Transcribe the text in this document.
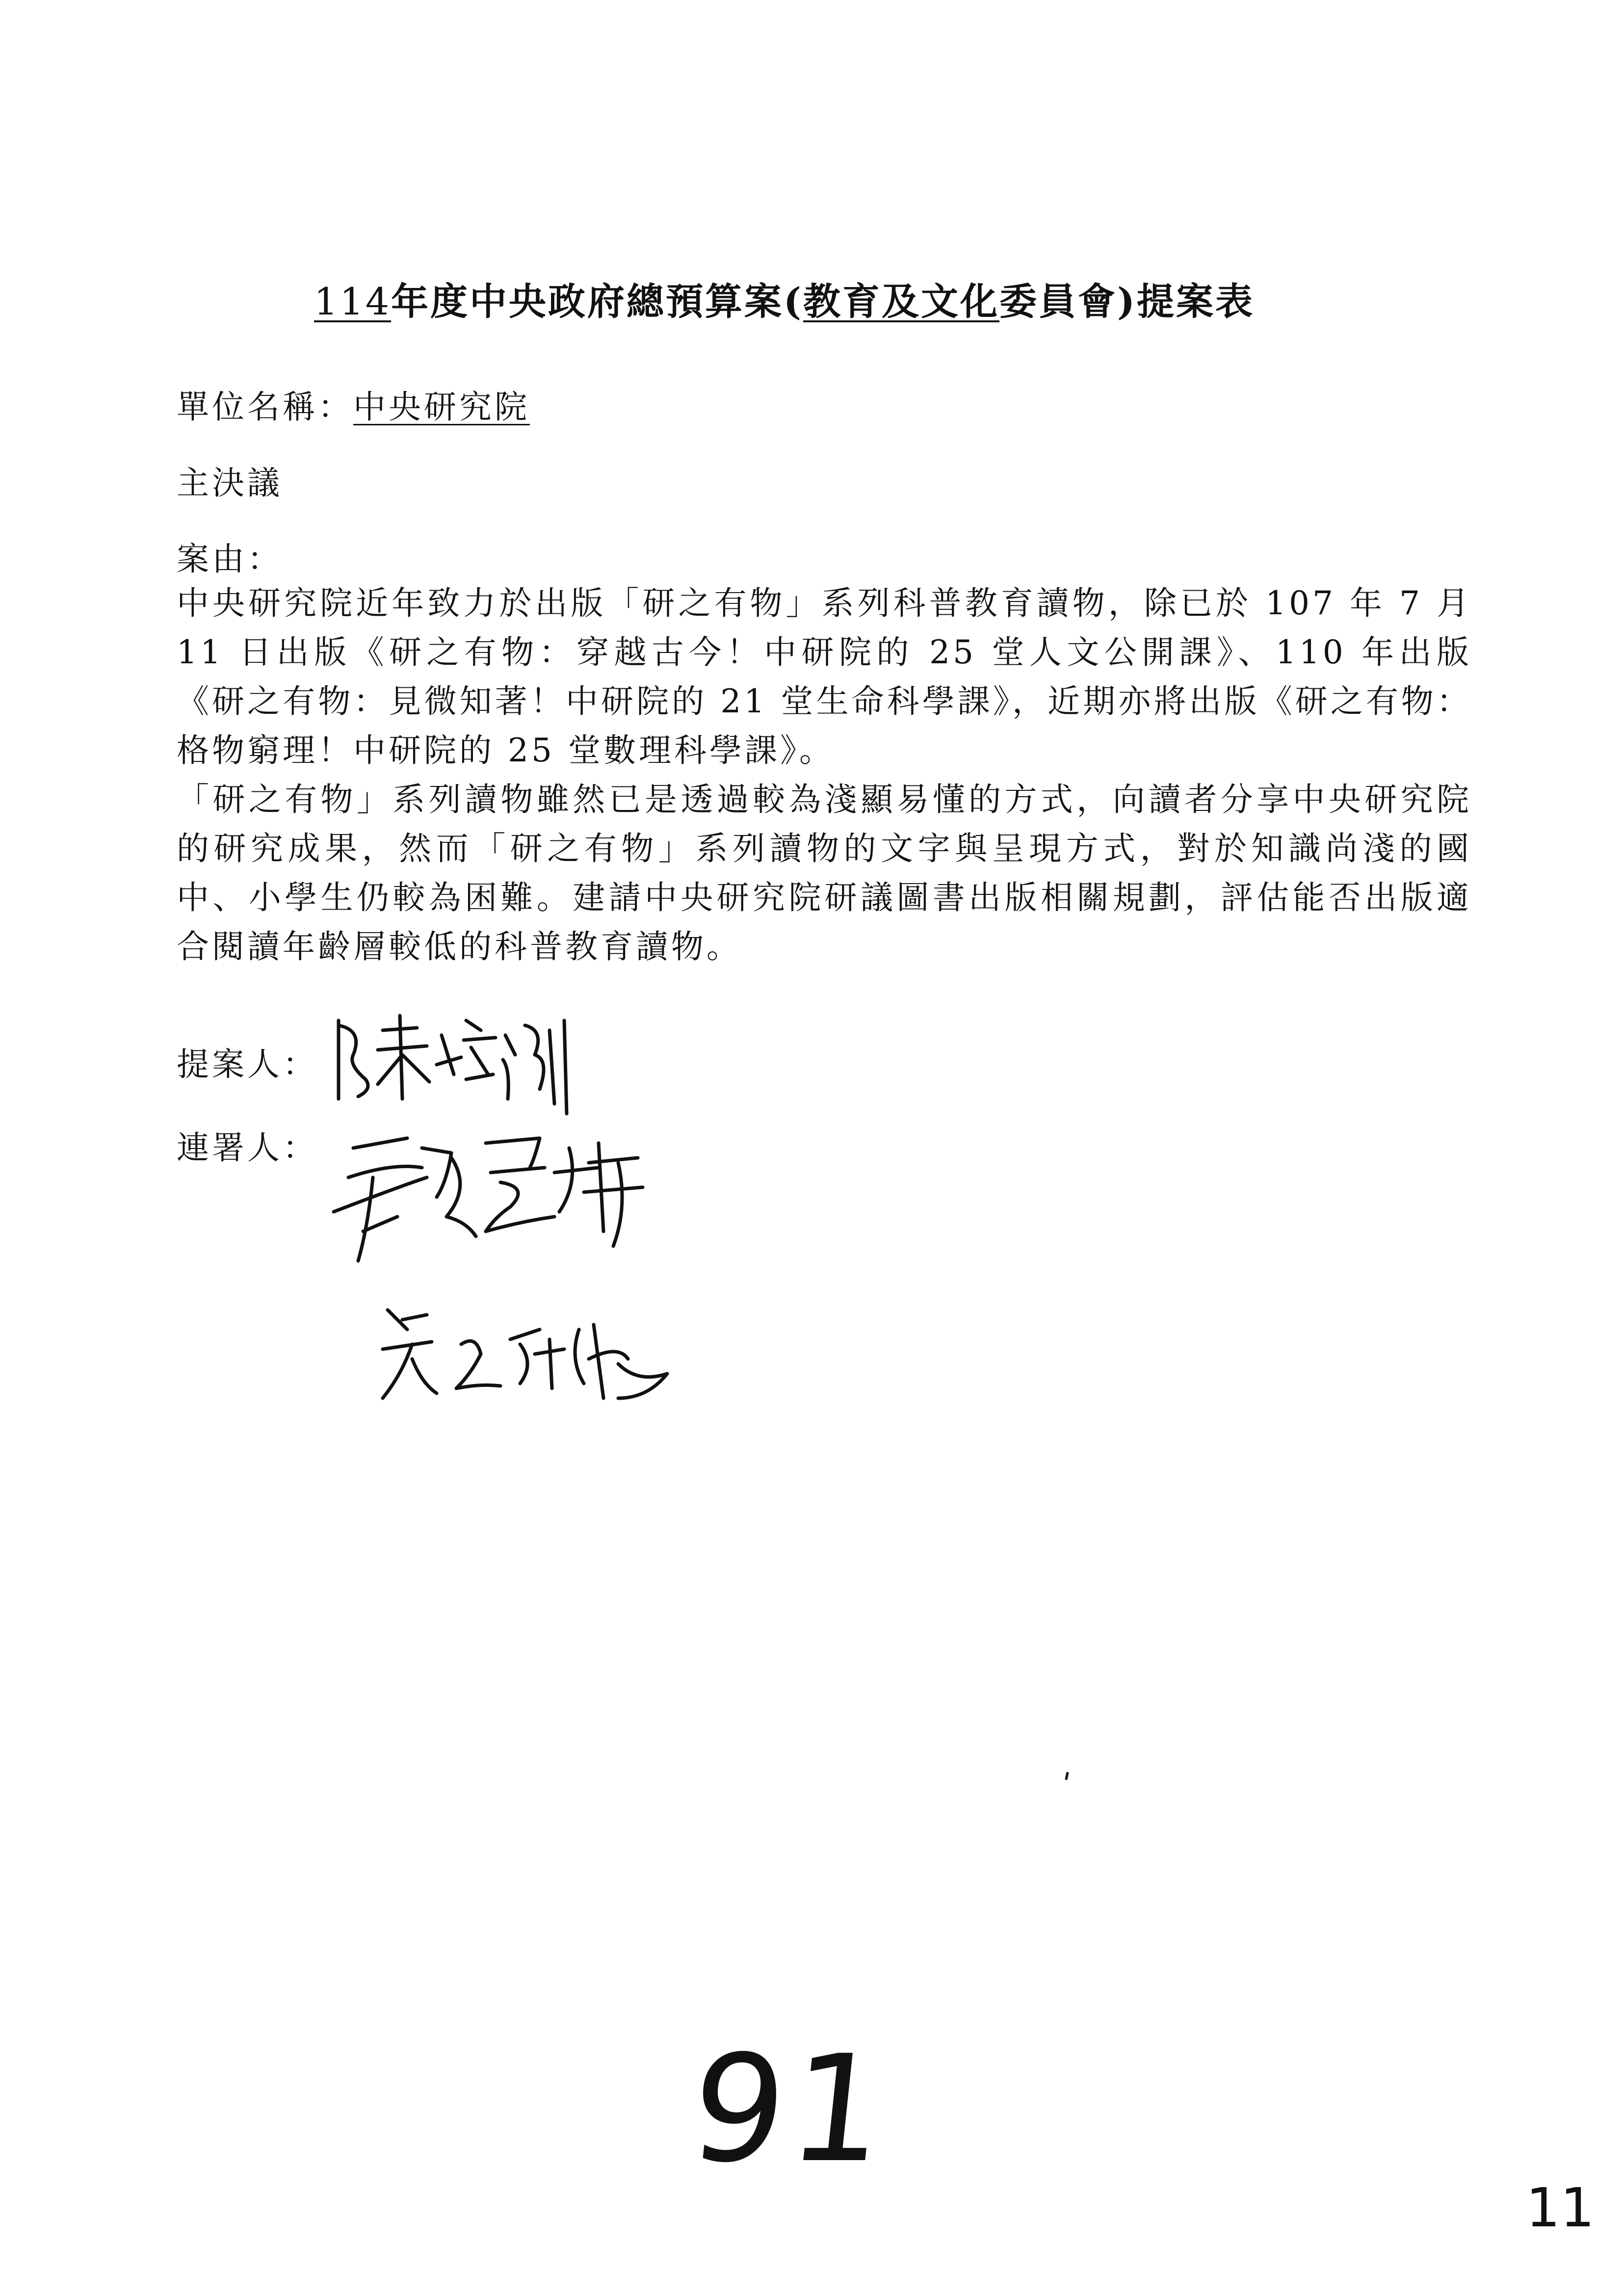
114年度中央政府總預算案(教育及文化委員會)提案表
單位名稱：中央研究院
主決議
案由：

中央研究院近年致力於出版「研之有物」系列科普教育讀物，除已於 107 年 7 月 11 日出版《研之有物：穿越古今！中研院的 25 堂人文公開課》、110 年出版《研之有物：見微知著！中研院的 21 堂生命科學課》，近期亦將出版《研之有物：格物窮理！中研院的 25 堂數理科學課》。

「研之有物」系列讀物雖然已是透過較為淺顯易懂的方式，向讀者分享中央研究院的研究成果，然而「研之有物」系列讀物的文字與呈現方式，對於知識尚淺的國中、小學生仍較為困難。建請中央研究院研議圖書出版相關規劃，評估能否出版適合閱讀年齡層較低的科普教育讀物。

提案人：
連署人：
91
11
